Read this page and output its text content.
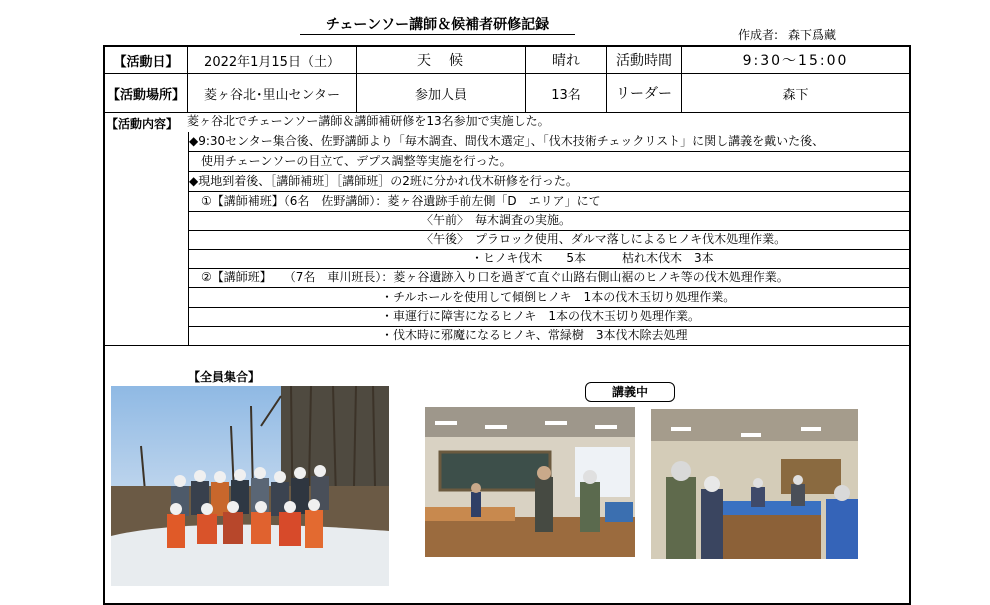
チェーンソー講師＆候補者研修記録
作成者: 森下爲藏
【活動日】	2022年1月15日（土）	天　候	晴れ	活動時間	9:30〜15:00
【活動場所】	菱ヶ谷北･里山センター	参加人員	13名	リーダー	森下
【活動内容】 菱ヶ谷北でチェーンソー講師＆講師補研修を13名参加で実施した。
◆9:30センター集合後、佐野講師より「毎木調査、間伐木選定」、「伐木技術チェックリスト」に関し講義を戴いた後、
　使用チェーンソーの目立て、デプス調整等実施を行った。
◆現地到着後、［講師補班］［講師班］の2班に分かれ伐木研修を行った。
　①【講師補班】（6名　佐野講師）：菱ヶ谷遺跡手前左側「D　エリア」にて
〈午前〉　毎木調査の実施。
〈午後〉　プラロック使用、ダルマ落しによるヒノキ伐木処理作業。
・ヒノキ伐木　　5本　　　枯れ木伐木　3本
　②【講師班】　　（7名　車川班長）：菱ヶ谷遺跡入り口を過ぎて直ぐ山路右側山裾のヒノキ等の伐木処理作業。
・チルホールを使用して傾倒ヒノキ　1本の伐木玉切り処理作業。
・車運行に障害になるヒノキ　1本の伐木玉切り処理作業。
・伐木時に邪魔になるヒノキ、常緑樹　3本伐木除去処理
【全員集合】
講義中
